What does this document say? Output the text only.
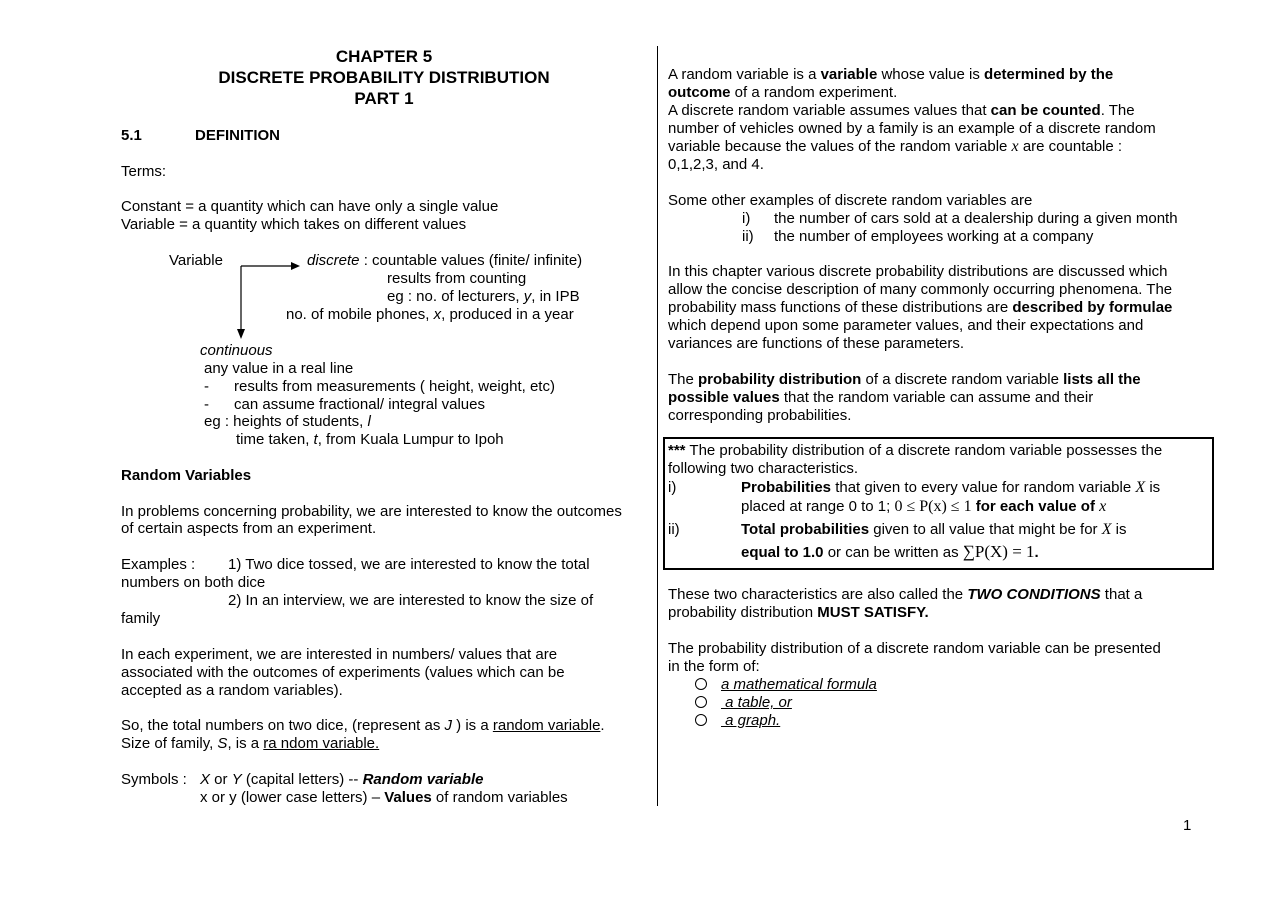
CHAPTER 5
DISCRETE PROBABILITY DISTRIBUTION
PART 1
5.1	DEFINITION
Terms:
Constant = a quantity which can have only a single value
Variable = a quantity which takes on different values
Variable	discrete : countable values (finite/ infinite)
results from counting
eg : no. of lecturers, y, in IPB
no. of mobile phones, x, produced in a year
continuous
any value in a real line
- results from measurements ( height, weight, etc)
- can assume fractional/ integral values
eg : heights of students, l
time taken, t, from Kuala Lumpur to Ipoh
Random Variables
In problems concerning probability, we are interested to know the outcomes
of certain aspects from an experiment.
Examples : 1) Two dice tossed, we are interested to know the total
numbers on both dice
2) In an interview, we are interested to know the size of
family
In each experiment, we are interested in numbers/ values that are
associated with the outcomes of experiments (values which can be
accepted as a random variables).
So, the total numbers on two dice, (represent as J ) is a random variable.
Size of family, S, is a ra ndom variable.
Symbols : X or Y (capital letters) -- Random variable
x or y (lower case letters) – Values of random variables
A random variable is a variable whose value is determined by the
outcome of a random experiment.
A discrete random variable assumes values that can be counted. The
number of vehicles owned by a family is an example of a discrete random
variable because the values of the random variable x are countable :
0,1,2,3, and 4.
Some other examples of discrete random variables are
i) the number of cars sold at a dealership during a given month
ii) the number of employees working at a company
In this chapter various discrete probability distributions are discussed which
allow the concise description of many commonly occurring phenomena. The
probability mass functions of these distributions are described by formulae
which depend upon some parameter values, and their expectations and
variances are functions of these parameters.
The probability distribution of a discrete random variable lists all the
possible values that the random variable can assume and their
corresponding probabilities.
*** The probability distribution of a discrete random variable possesses the
following two characteristics.
i)	Probabilities that given to every value for random variable X is
placed at range 0 to 1; 0 ≤ P(x) ≤ 1 for each value of x
ii)	Total probabilities given to all value that might be for X is
equal to 1.0 or can be written as ∑P(X) = 1.
These two characteristics are also called the TWO CONDITIONS that a
probability distribution MUST SATISFY.
The probability distribution of a discrete random variable can be presented
in the form of:
a mathematical formula
a table, or
a graph.
1
